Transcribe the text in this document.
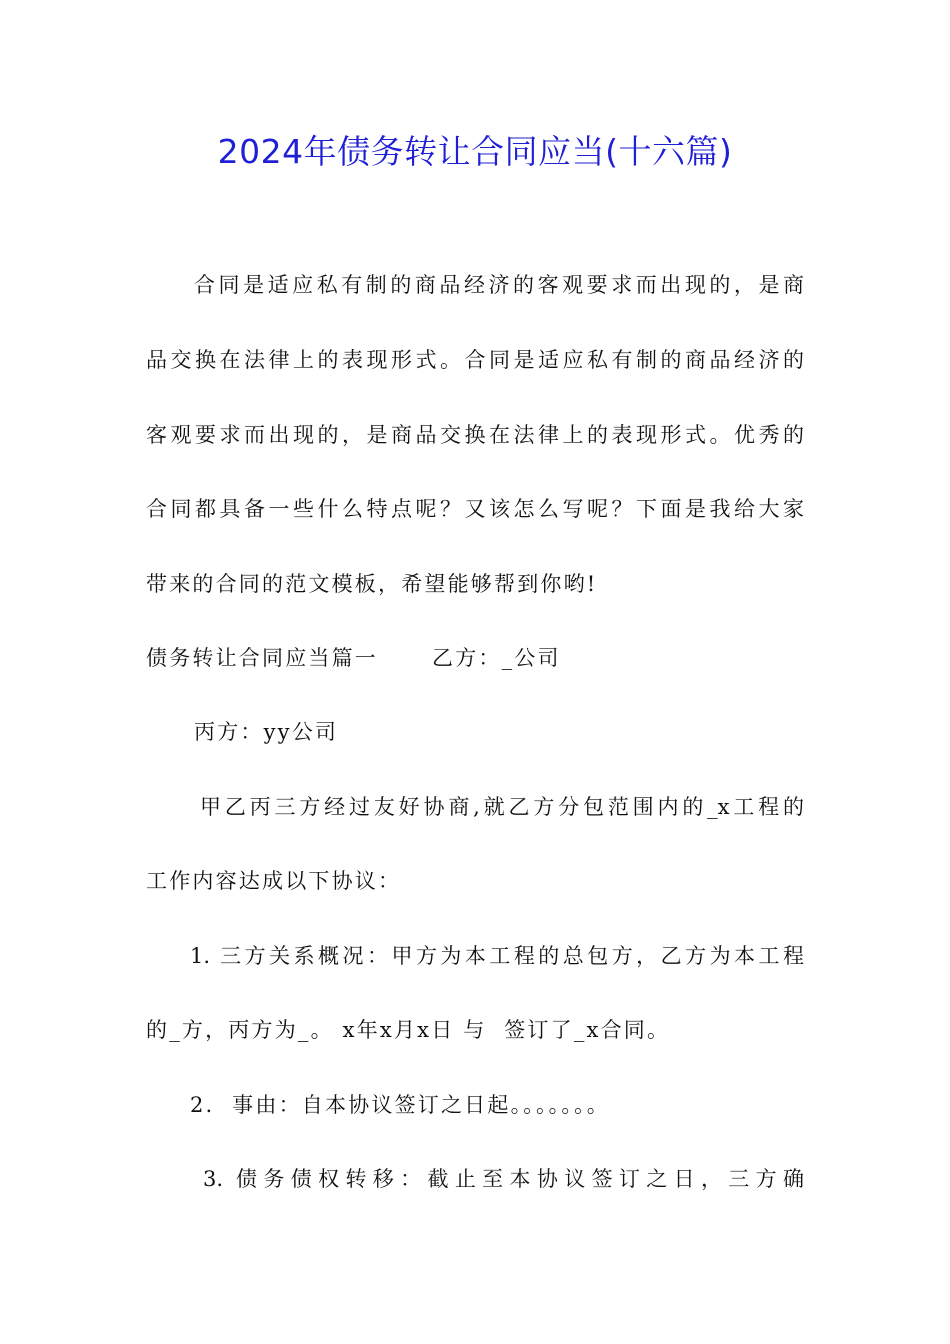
2024年债务转让合同应当(十六篇)
合同是适应私有制的商品经济的客观要求而出现的，是商
品交换在法律上的表现形式。合同是适应私有制的商品经济的
客观要求而出现的，是商品交换在法律上的表现形式。优秀的
合同都具备一些什么特点呢？又该怎么写呢？下面是我给大家
带来的合同的范文模板，希望能够帮到你哟!
债务转让合同应当篇一	乙方：_公司
丙方：yy公司
甲乙丙三方经过友好协商,就乙方分包范围内的_x工程的
工作内容达成以下协议：
1. 三方关系概况：甲方为本工程的总包方，乙方为本工程
的_方，丙方为_。 x年x月x日 与  签订了_x合同。
2.  事由：自本协议签订之日起。。。。。。。
3. 债务债权转移：截止至本协议签订之日，三方确
